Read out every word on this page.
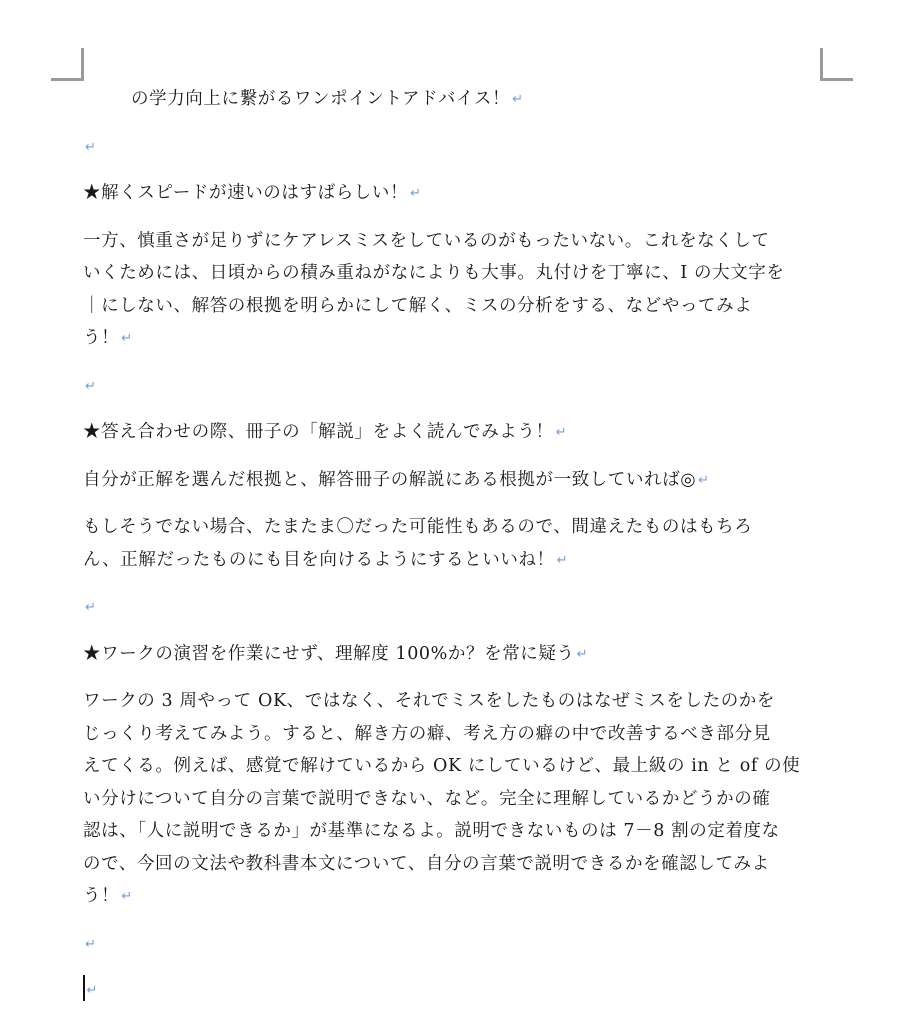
の学力向上に繋がるワンポイントアドバイス！ ↵

↵

★解くスピードが速いのはすばらしい！ ↵

一方、慎重さが足りずにケアレスミスをしているのがもったいない。これをなくして
いくためには、日頃からの積み重ねがなによりも大事。丸付けを丁寧に、I の大文字を
｜にしない、解答の根拠を明らかにして解く、ミスの分析をする、などやってみよ
う！ ↵

↵

★答え合わせの際、冊子の「解説」をよく読んでみよう！ ↵

自分が正解を選んだ根拠と、解答冊子の解説にある根拠が一致していれば◎ ↵

もしそうでない場合、たまたま〇だった可能性もあるので、間違えたものはもちろ
ん、正解だったものにも目を向けるようにするといいね！ ↵

↵

★ワークの演習を作業にせず、理解度 100%か？を常に疑う ↵

ワークの 3 周やって OK、ではなく、それでミスをしたものはなぜミスをしたのかを
じっくり考えてみよう。すると、解き方の癖、考え方の癖の中で改善するべき部分見
えてくる。例えば、感覚で解けているから OK にしているけど、最上級の in と of の使
い分けについて自分の言葉で説明できない、など。完全に理解しているかどうかの確
認は、「人に説明できるか」が基準になるよ。説明できないものは 7－8 割の定着度な
ので、今回の文法や教科書本文について、自分の言葉で説明できるかを確認してみよ
う！ ↵

↵
↵
